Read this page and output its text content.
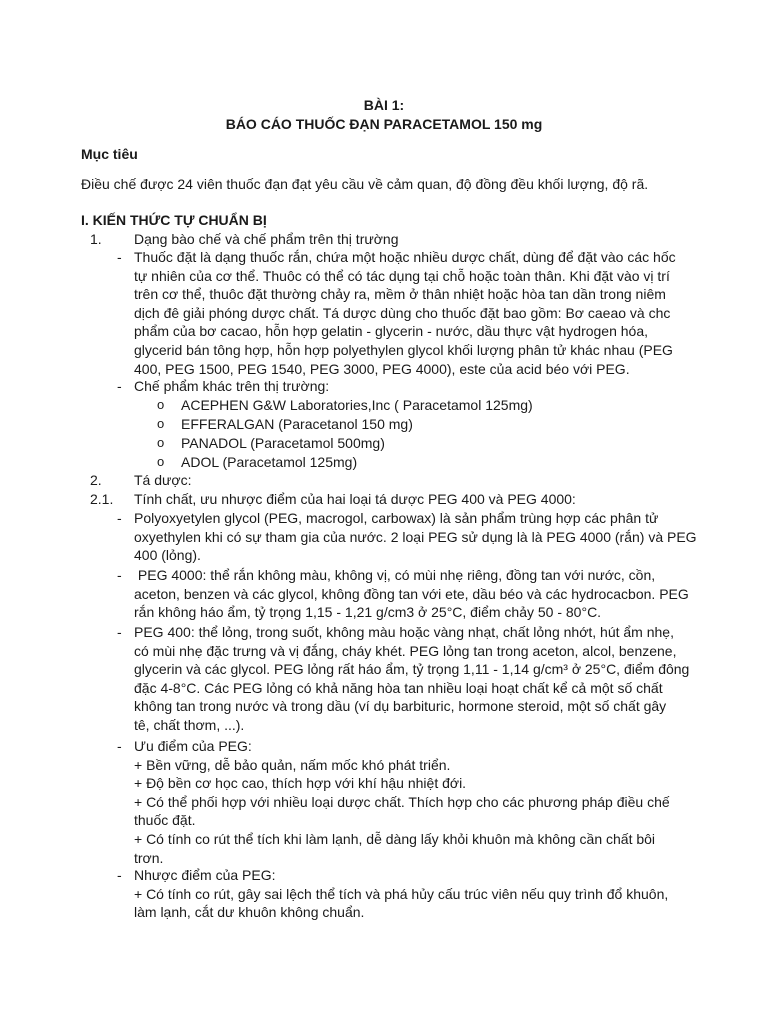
BÀI 1:
BÁO CÁO THUỐC ĐẠN PARACETAMOL 150 mg
Mục tiêu
Điều chế được 24 viên thuốc đạn đạt yêu cầu về cảm quan, độ đồng đều khối lượng, độ rã.
I. KIẾN THỨC TỰ CHUẨN BỊ
1. Dạng bào chế và chế phẩm trên thị trường
- Thuốc đặt là dạng thuốc rắn, chứa một hoặc nhiều dược chất, dùng để đặt vào các hốc
tự nhiên của cơ thể. Thuôc có thể có tác dụng tại chỗ hoặc toàn thân. Khi đặt vào vị trí
trên cơ thể, thuôc đặt thường chảy ra, mềm ở thân nhiệt hoặc hòa tan dần trong niêm
dịch đê giải phóng dược chất. Tá dược dùng cho thuốc đặt bao gồm: Bơ caeao và chc
phẩm của bơ cacao, hỗn hợp gelatin - glycerin - nước, dầu thực vật hydrogen hóa,
glycerid bán tông hợp, hỗn hợp polyethylen glycol khối lượng phân tử khác nhau (PEG
400, PEG 1500, PEG 1540, PEG 3000, PEG 4000), este của acid béo với PEG.
- Chế phẩm khác trên thị trường:
o ACEPHEN G&W Laboratories,Inc ( Paracetamol 125mg)
o EFFERALGAN (Paracetanol 150 mg)
o PANADOL (Paracetamol 500mg)
o ADOL (Paracetamol 125mg)
2. Tá dược:
2.1. Tính chất, ưu nhược điểm của hai loại tá dược PEG 400 và PEG 4000:
- Polyoxyetylen glycol (PEG, macrogol, carbowax) là sản phẩm trùng hợp các phân tử
oxyethylen khi có sự tham gia của nước. 2 loại PEG sử dụng là là PEG 4000 (rắn) và PEG
400 (lỏng).
- PEG 4000: thể rắn không màu, không vị, có mùi nhẹ riêng, đồng tan với nước, cồn,
aceton, benzen và các glycol, không đồng tan với ete, dầu béo và các hydrocacbon. PEG
rắn không háo ẩm, tỷ trọng 1,15 - 1,21 g/cm3 ở 25°C, điểm chảy 50 - 80°C.
- PEG 400: thể lỏng, trong suốt, không màu hoặc vàng nhạt, chất lỏng nhớt, hút ẩm nhẹ,
có mùi nhẹ đặc trưng và vị đắng, cháy khét. PEG lỏng tan trong aceton, alcol, benzene,
glycerin và các glycol. PEG lỏng rất háo ẩm, tỷ trọng 1,11 - 1,14 g/cm³ ở 25°C, điểm đông
đặc 4-8°C. Các PEG lỏng có khả năng hòa tan nhiều loại hoạt chất kể cả một số chất
không tan trong nước và trong dầu (ví dụ barbituric, hormone steroid, một số chất gây
tê, chất thơm, ...).
- Ưu điểm của PEG:
+ Bền vững, dễ bảo quản, nấm mốc khó phát triển.
+ Độ bền cơ học cao, thích hợp với khí hậu nhiệt đới.
+ Có thể phối hợp với nhiều loại dược chất. Thích hợp cho các phương pháp điều chế
thuốc đặt.
+ Có tính co rút thể tích khi làm lạnh, dễ dàng lấy khỏi khuôn mà không cần chất bôi
trơn.
- Nhược điểm của PEG:
+ Có tính co rút, gây sai lệch thể tích và phá hủy cấu trúc viên nếu quy trình đổ khuôn,
làm lạnh, cắt dư khuôn không chuẩn.
